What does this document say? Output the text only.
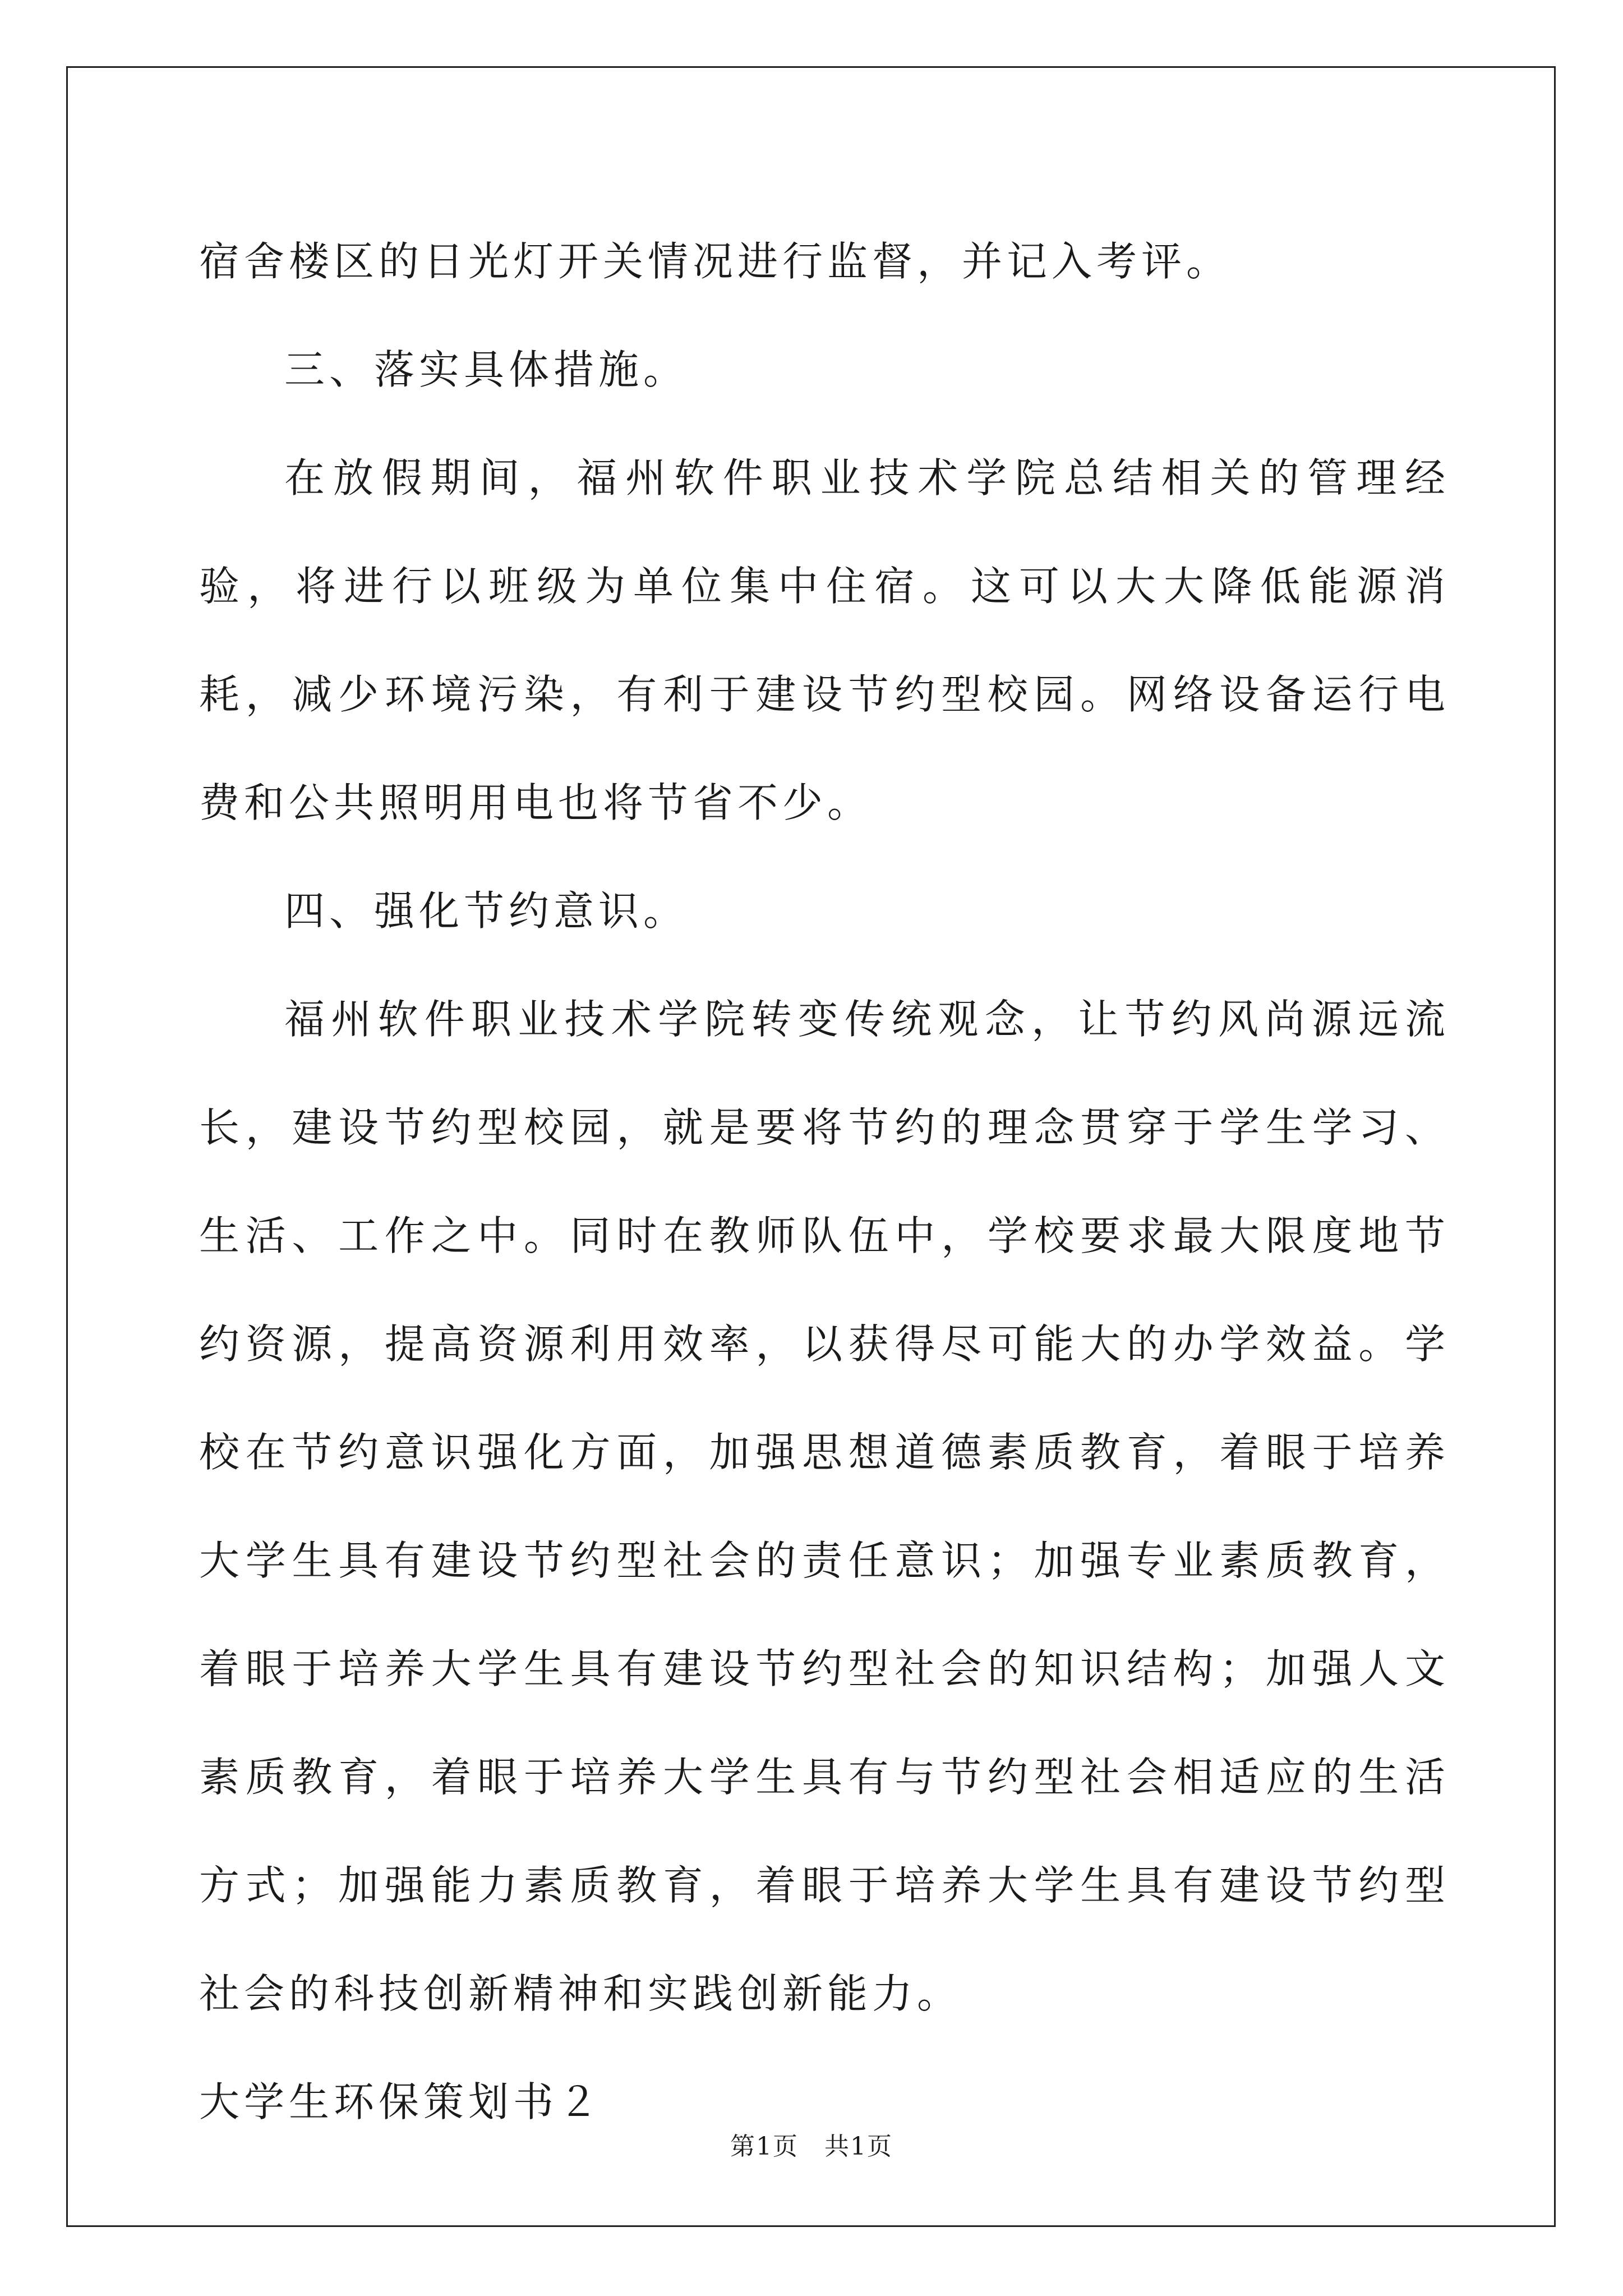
宿舍楼区的日光灯开关情况进行监督，并记入考评。

三、落实具体措施。

在放假期间，福州软件职业技术学院总结相关的管理经验，将进行以班级为单位集中住宿。这可以大大降低能源消耗，减少环境污染，有利于建设节约型校园。网络设备运行电费和公共照明用电也将节省不少。

四、强化节约意识。

福州软件职业技术学院转变传统观念，让节约风尚源远流长，建设节约型校园，就是要将节约的理念贯穿于学生学习、生活、工作之中。同时在教师队伍中，学校要求最大限度地节约资源，提高资源利用效率，以获得尽可能大的办学效益。学校在节约意识强化方面，加强思想道德素质教育，着眼于培养大学生具有建设节约型社会的责任意识；加强专业素质教育，着眼于培养大学生具有建设节约型社会的知识结构；加强人文素质教育，着眼于培养大学生具有与节约型社会相适应的生活方式；加强能力素质教育，着眼于培养大学生具有建设节约型社会的科技创新精神和实践创新能力。

大学生环保策划书２

第1页　共1页
